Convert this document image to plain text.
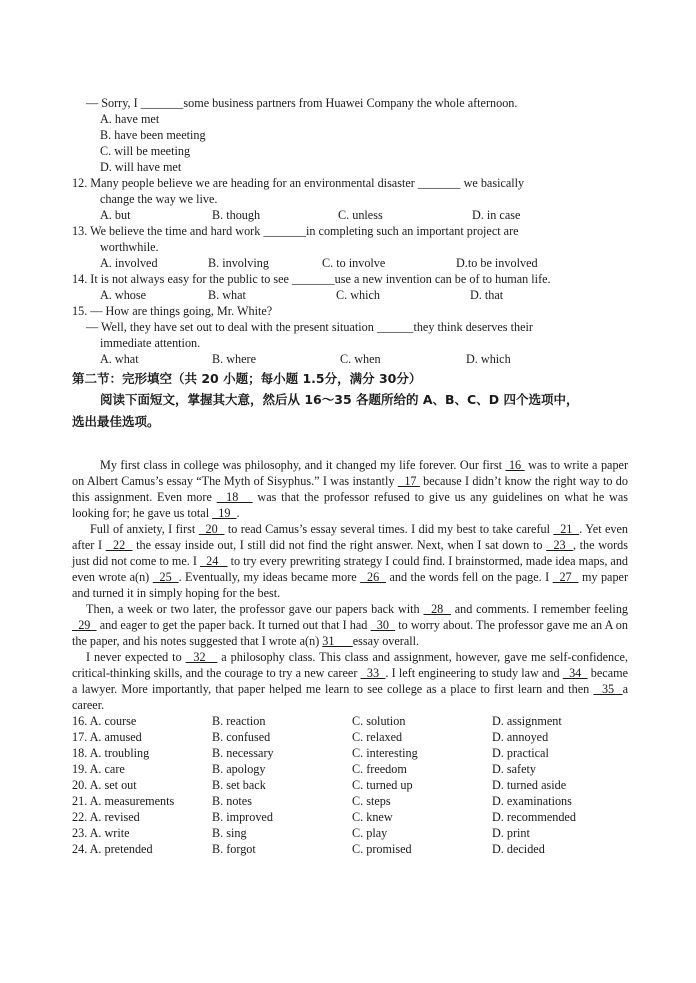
— Sorry, I _______some business partners from Huawei Company the whole afternoon.
A. have met
B. have been meeting
C. will be meeting
D. will have met
12. Many people believe we are heading for an environmental disaster _______ we basically
change the way we live.
A. but	B. though	C. unless	D. in case
13. We believe the time and hard work _______in completing such an important project are
worthwhile.
A. involved	B. involving	C. to involve	D.to be involved
14. It is not always easy for the public to see _______use a new invention can be of to human life.
A. whose	B. what	C. which	D. that
15. — How are things going, Mr. White?
— Well, they have set out to deal with the present situation ______they think deserves their
immediate attention.
A. what	B. where	C. when	D. which
第二节：完形填空（共 20 小题；每小题 1.5分，满分 30分）
阅读下面短文，掌握其大意，然后从 16～35 各题所给的 A、B、C、D 四个选项中，
选出最佳选项。

My first class in college was philosophy, and it changed my life forever. Our first  16  was to write a paper on Albert Camus’s essay “The Myth of Sisyphus.” I was instantly   17  because I didn’t know the right way to do this assignment. Even more   18    was that the professor refused to give us any guidelines on what he was looking for; he gave us total   19  .

Full of anxiety, I first   20   to read Camus’s essay several times. I did my best to take careful   21  . Yet even after I   22   the essay inside out, I still did not find the right answer. Next, when I sat down to   23  , the words just did not come to me. I   24    to try every prewriting strategy I could find. I brainstormed, made idea maps, and even wrote a(n)   25  . Eventually, my ideas became more   26   and the words fell on the page. I   27   my paper and turned it in simply hoping for the best.

Then, a week or two later, the professor gave our papers back with   28   and comments. I remember feeling   29   and eager to get the paper back. It turned out that I had   30   to worry about. The professor gave me an A on the paper, and his notes suggested that I wrote a(n) 31      essay overall.

I never expected to   32    a philosophy class. This class and assignment, however, gave me self-confidence, critical-thinking skills, and the courage to try a new career   33  . I left engineering to study law and   34   became a lawyer. More importantly, that paper helped me learn to see college as a place to first learn and then   35  a career.

16. A. course	B. reaction	C. solution	D. assignment
17. A. amused	B. confused	C. relaxed	D. annoyed
18. A. troubling	B. necessary	C. interesting	D. practical
19. A. care	B. apology	C. freedom	D. safety
20. A. set out	B. set back	C. turned up	D. turned aside
21. A. measurements	B. notes	C. steps	D. examinations
22. A. revised	B. improved	C. knew	D. recommended
23. A. write	B. sing	C. play	D. print
24. A. pretended	B. forgot	C. promised	D. decided
